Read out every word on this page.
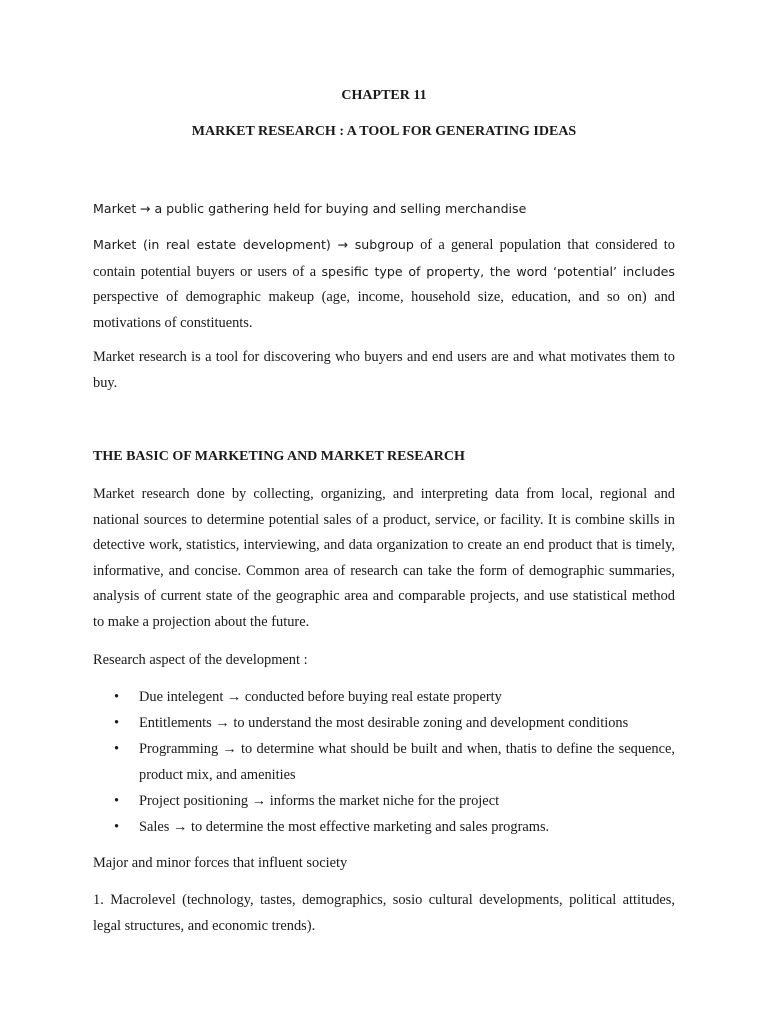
CHAPTER 11
MARKET RESEARCH : A TOOL FOR GENERATING IDEAS
Market → a public gathering held for buying and selling merchandise
Market (in real estate development) → subgroup of a general population that considered to contain potential buyers or users of a spesific type of property, the word ‘potential’ includes perspective of demographic makeup (age, income, household size, education, and so on) and motivations of constituents.
Market research is a tool for discovering who buyers and end users are and what motivates them to buy.
THE BASIC OF MARKETING AND MARKET RESEARCH
Market research done by collecting, organizing, and interpreting data from local, regional and national sources to determine potential sales of a product, service, or facility. It is combine skills in detective work, statistics, interviewing, and data organization to create an end product that is timely, informative, and concise. Common area of research can take the form of demographic summaries, analysis of current state of the geographic area and comparable projects, and use statistical method to make a projection about the future.
Research aspect of the development :
• Due intelegent → conducted before buying real estate property
• Entitlements → to understand the most desirable zoning and development conditions
• Programming → to determine what should be built and when, thatis to define the sequence, product mix, and amenities
• Project positioning → informs the market niche for the project
• Sales → to determine the most effective marketing and sales programs.
Major and minor forces that influent society
1. Macrolevel (technology, tastes, demographics, sosio cultural developments, political attitudes, legal structures, and economic trends).
